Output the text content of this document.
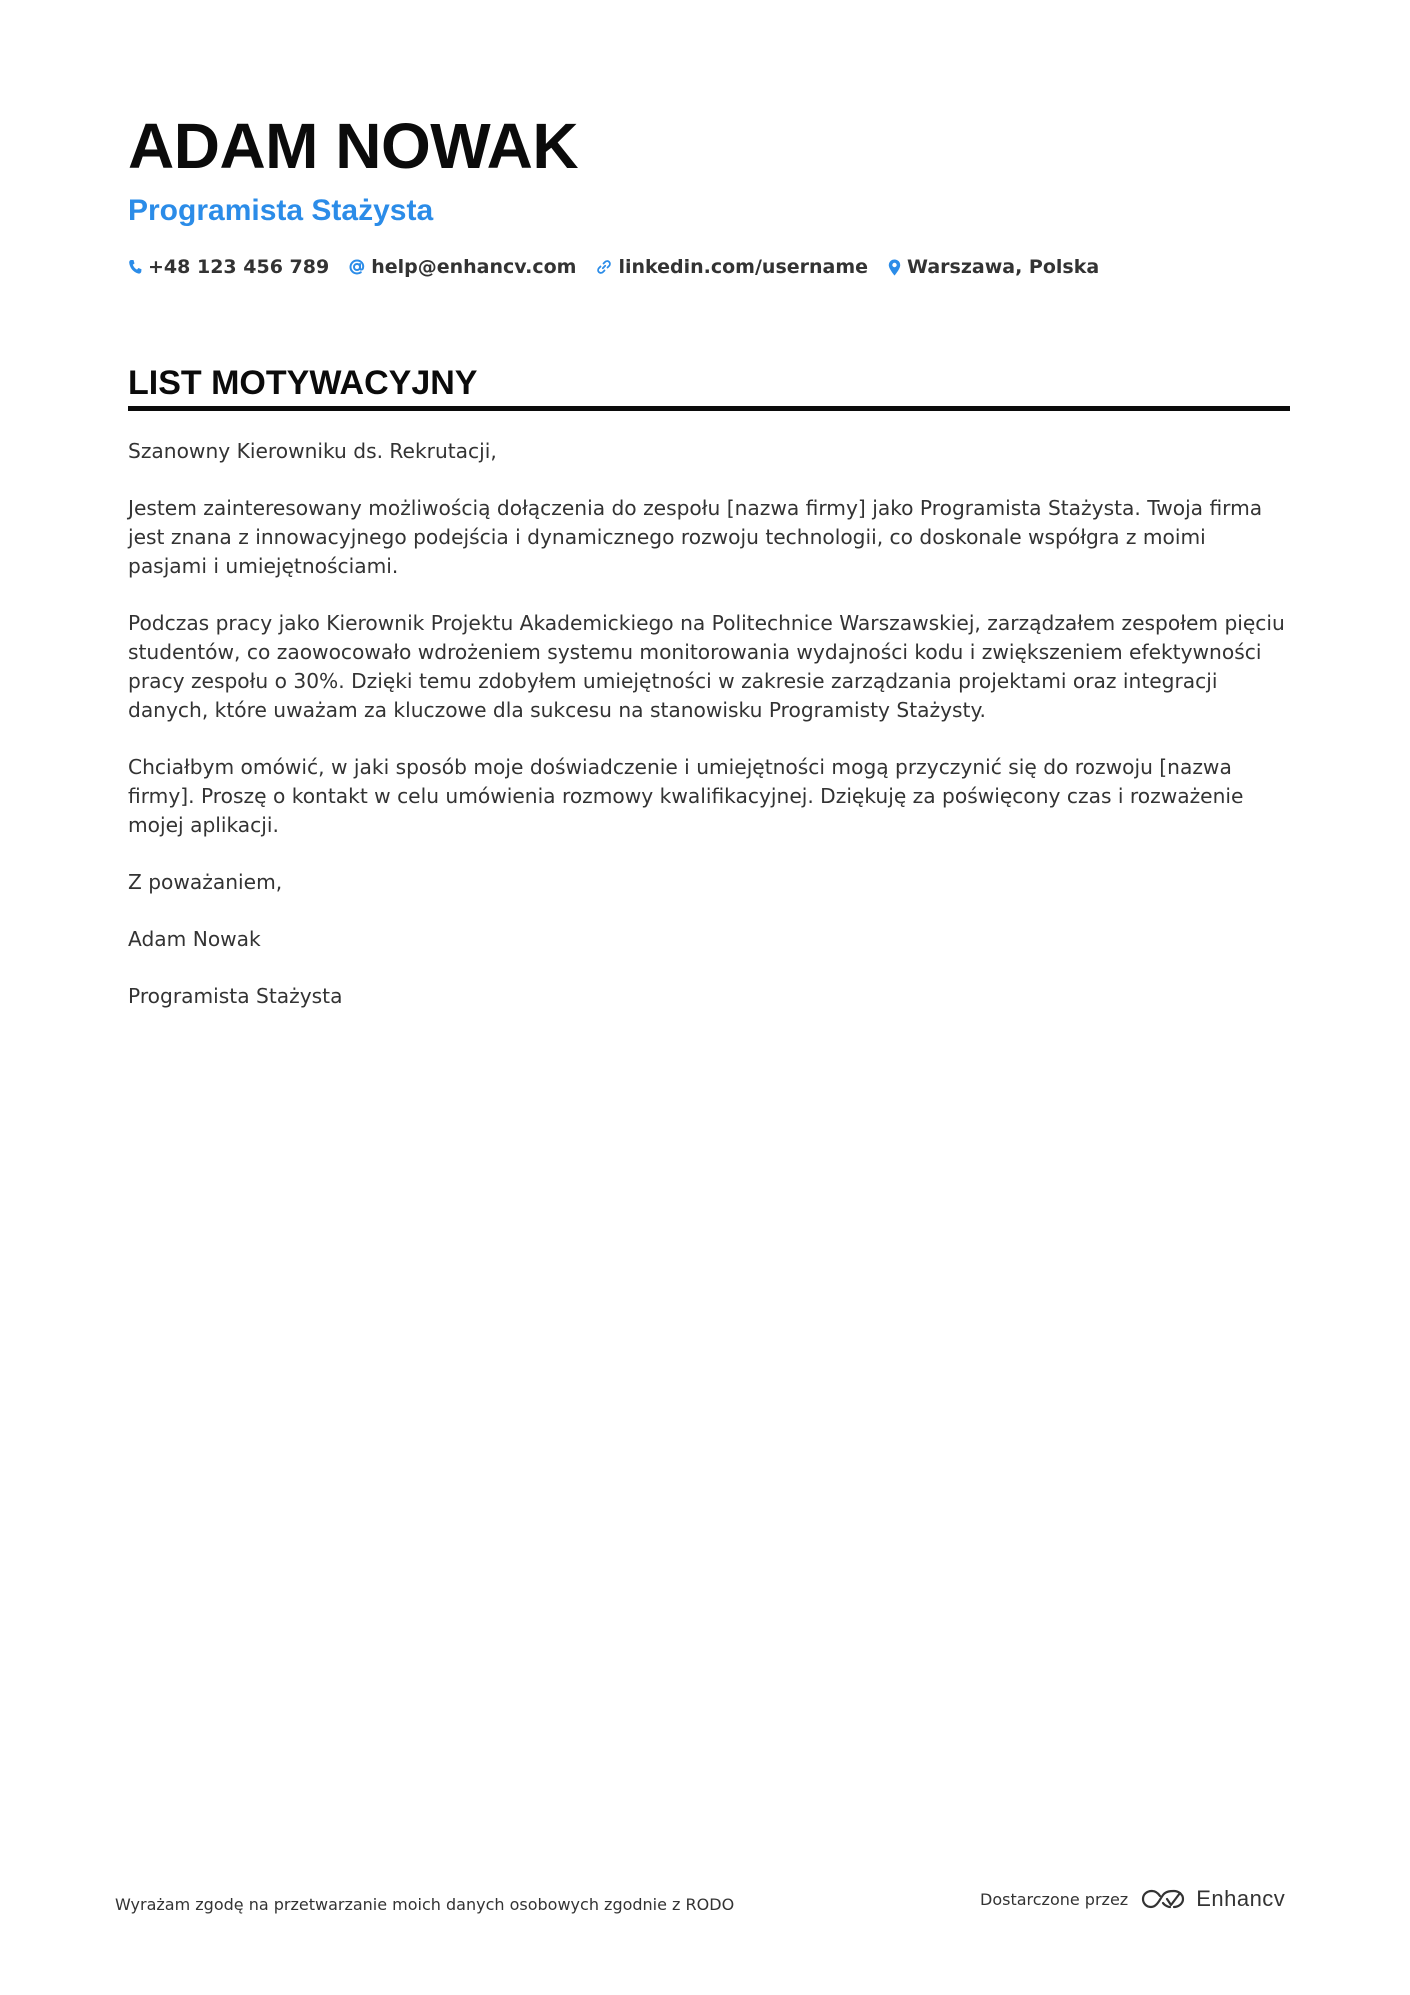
ADAM NOWAK
Programista Stażysta
+48 123 456 789 help@enhancv.com linkedin.com/username Warszawa, Polska
LIST MOTYWACYJNY

Szanowny Kierowniku ds. Rekrutacji,

Jestem zainteresowany możliwością dołączenia do zespołu [nazwa firmy] jako Programista Stażysta. Twoja firma jest znana z innowacyjnego podejścia i dynamicznego rozwoju technologii, co doskonale współgra z moimi pasjami i umiejętnościami.

Podczas pracy jako Kierownik Projektu Akademickiego na Politechnice Warszawskiej, zarządzałem zespołem pięciu studentów, co zaowocowało wdrożeniem systemu monitorowania wydajności kodu i zwiększeniem efektywności pracy zespołu o 30%. Dzięki temu zdobyłem umiejętności w zakresie zarządzania projektami oraz integracji danych, które uważam za kluczowe dla sukcesu na stanowisku Programisty Stażysty.

Chciałbym omówić, w jaki sposób moje doświadczenie i umiejętności mogą przyczynić się do rozwoju [nazwa firmy]. Proszę o kontakt w celu umówienia rozmowy kwalifikacyjnej. Dziękuję za poświęcony czas i rozważenie mojej aplikacji.

Z poważaniem,

Adam Nowak

Programista Stażysta

Wyrażam zgodę na przetwarzanie moich danych osobowych zgodnie z RODO	Dostarczone przez	Enhancv
